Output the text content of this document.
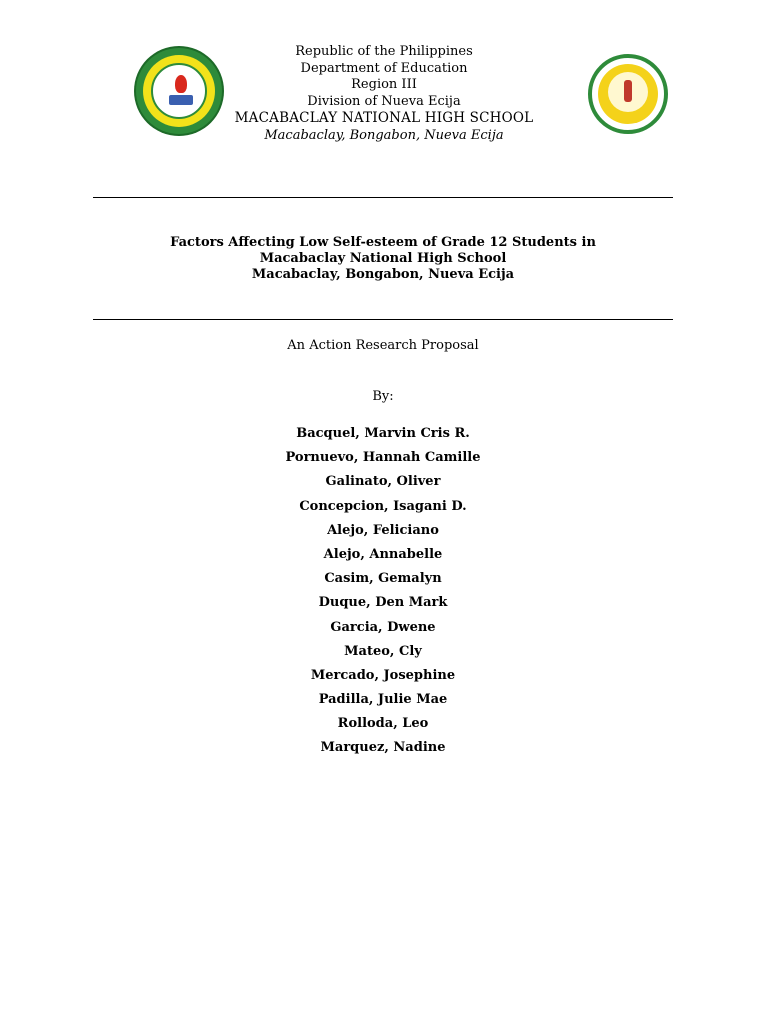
Republic of the Philippines
Department of Education
Region III
Division of Nueva Ecija
MACABACLAY NATIONAL HIGH SCHOOL
Macabaclay, Bongabon, Nueva Ecija
Factors Affecting Low Self-esteem of Grade 12 Students in
Macabaclay National High School
Macabaclay, Bongabon, Nueva Ecija
An Action Research Proposal
By:
Bacquel, Marvin Cris R.
Pornuevo, Hannah Camille
Galinato, Oliver
Concepcion, Isagani D.
Alejo, Feliciano
Alejo, Annabelle
Casim, Gemalyn
Duque, Den Mark
Garcia, Dwene
Mateo, Cly
Mercado, Josephine
Padilla, Julie Mae
Rolloda, Leo
Marquez, Nadine
